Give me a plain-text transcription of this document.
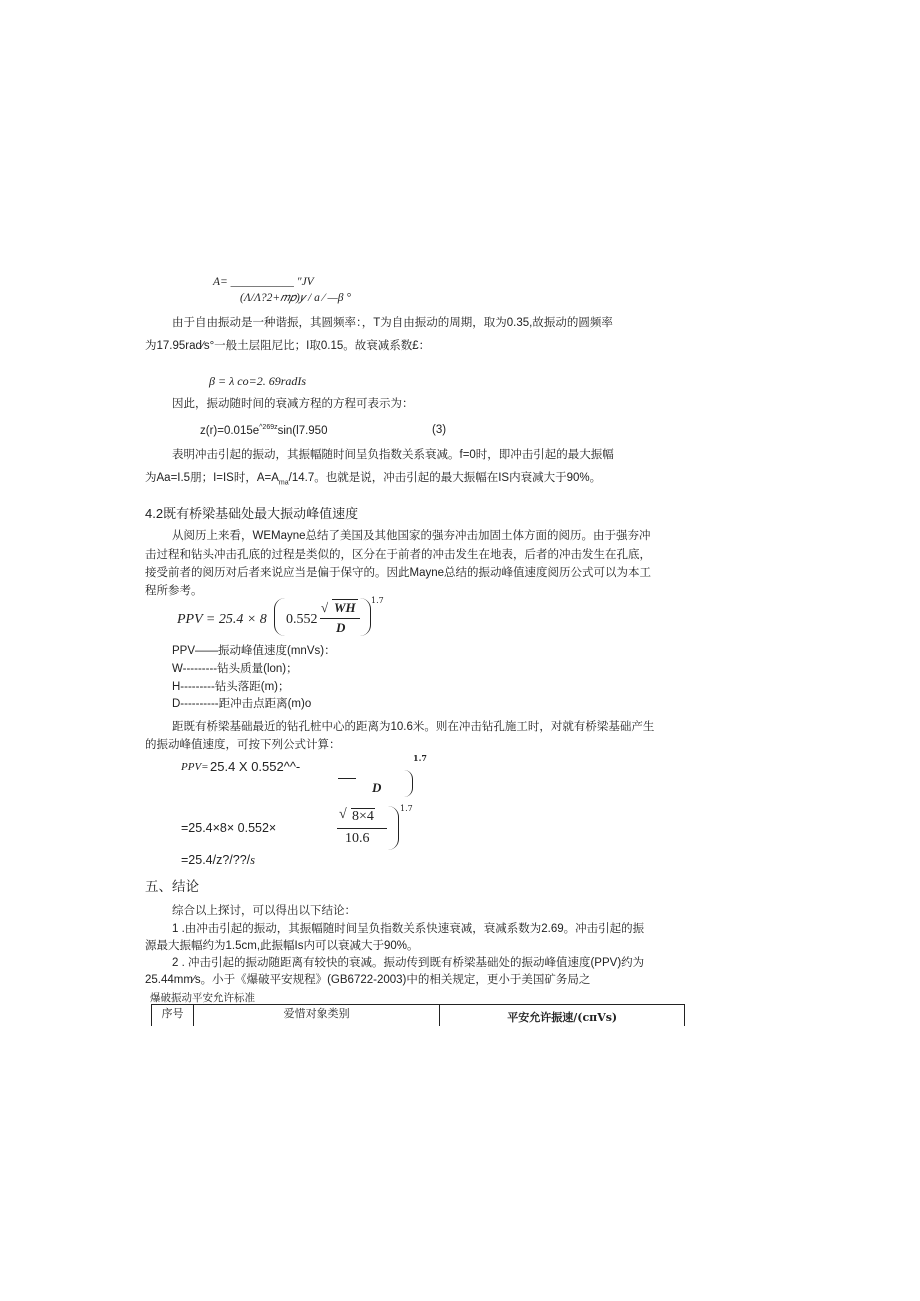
A= ___________ ″JV
(Λ/Λ?2+𝑚𝑝)𝑦 / a ∕ —β °
由于自由振动是一种谐振，其圆频率：，T为自由振动的周期，取为0.35,故振动的圆频率
为17.95rad∕s°一般土层阻尼比；I取0.15。故衰减系数£：
β = λ co=2. 69radIs
因此，振动随时间的衰减方程的方程可表示为：
$z(r)=0.015e^{\^{}269z}\sin(l7.950$	(3)
表明冲击引起的振动，其振幅随时间呈负指数关系衰减。f=0时，即冲击引起的最大振幅
为Aa=I.5朋；I=IS时，$A=A_{ma}/14.7$。也就是说，冲击引起的最大振幅在IS内衰减大于90%。
4.2既有桥梁基础处最大振动峰值速度
从阅历上来看，WEMayne总结了美国及其他国家的强夯冲击加固土体方面的阅历。由于强夯冲
击过程和钻头冲击孔底的过程是类似的，区分在于前者的冲击发生在地表，后者的冲击发生在孔底，
接受前者的阅历对后者来说应当是偏于保守的。因此Mayne总结的振动峰值速度阅历公式可以为本工
程所参考。
PPV = 25.4 × 8 0.552
√ WH
D
1.7
PPV——振动峰值速度(mnVs)：
W---------钻头质量(lon)；
H---------钻头落距(m)；
D----------距冲击点距离(m)o
距既有桥梁基础最近的钻孔桩中心的距离为10.6米。则在冲击钻孔施工时，对就有桥梁基础产生
的振动峰值速度，可按下列公式计算：
PPV= 25.4 X 0.552^^-
1.7
D
=25.4×8× 0.552×
√ 8×4
10.6
1.7
=25.4/z?/??/s
五、结论
综合以上探讨，可以得出以下结论：
1 .由冲击引起的振动，其振幅随时间呈负指数关系快速衰减，衰减系数为2.69。冲击引起的振
源最大振幅约为1.5cm,此振幅Is内可以衰减大于90%。
2 . 冲击引起的振动随距离有较快的衰减。振动传到既有桥梁基础处的振动峰值速度(PPV)约为
25.44mm∕s。小于《爆破平安规程》(GB6722-2003)中的相关规定，更小于美国矿务局之
爆破振动平安允许标准
序号	爱惜对象类别	平安允许振速/(cπVs)
